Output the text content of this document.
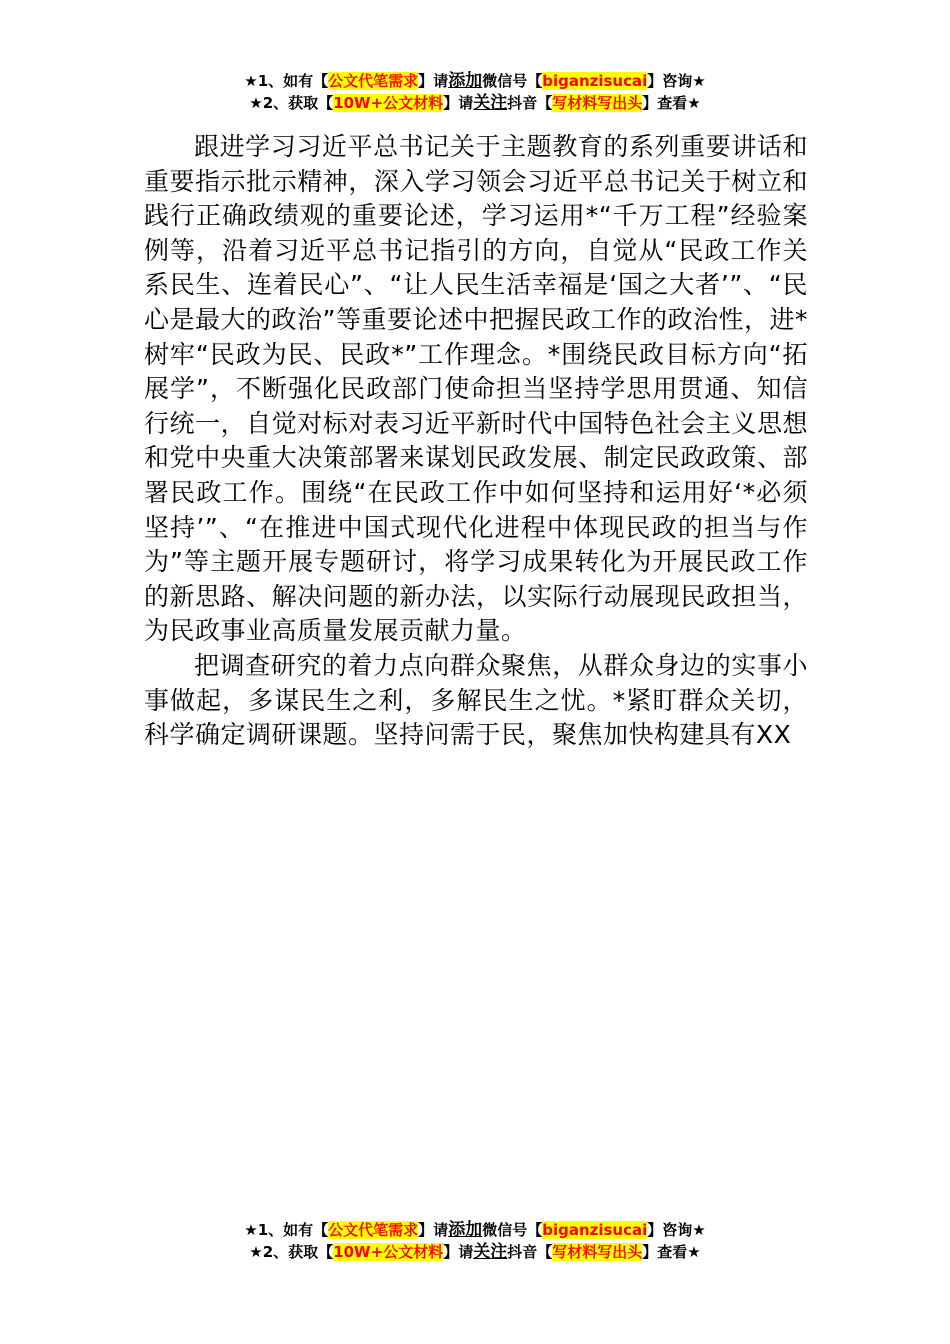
★1、如有【公文代笔需求】请添加微信号【biganzisucai】咨询★
★2、获取【10W+公文材料】请关注抖音【写材料写出头】查看★

跟进学习习近平总书记关于主题教育的系列重要讲话和重要指示批示精神，深入学习领会习近平总书记关于树立和践行正确政绩观的重要论述，学习运用*“千万工程”经验案例等，沿着习近平总书记指引的方向，自觉从“民政工作关系民生、连着民心”、“让人民生活幸福是‘国之大者’”、“民心是最大的政治”等重要论述中把握民政工作的政治性，进*树牢“民政为民、民政*”工作理念。*围绕民政目标方向“拓展学”，不断强化民政部门使命担当坚持学思用贯通、知信行统一，自觉对标对表习近平新时代中国特色社会主义思想和党中央重大决策部署来谋划民政发展、制定民政政策、部署民政工作。围绕“在民政工作中如何坚持和运用好‘*必须坚持’”、“在推进中国式现代化进程中体现民政的担当与作为”等主题开展专题研讨，将学习成果转化为开展民政工作的新思路、解决问题的新办法，以实际行动展现民政担当，为民政事业高质量发展贡献力量。

把调查研究的着力点向群众聚焦，从群众身边的实事小事做起，多谋民生之利，多解民生之忧。*紧盯群众关切，科学确定调研课题。坚持问需于民，聚焦加快构建具有XX

★1、如有【公文代笔需求】请添加微信号【biganzisucai】咨询★
★2、获取【10W+公文材料】请关注抖音【写材料写出头】查看★
